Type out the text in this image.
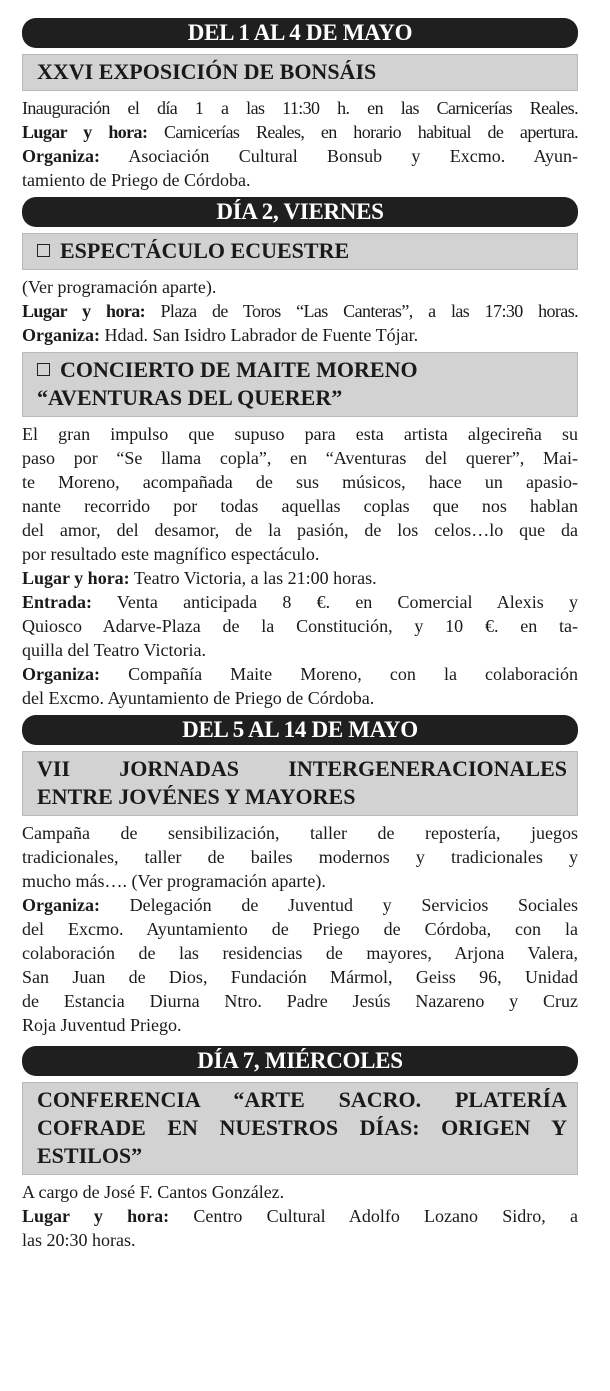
DEL 1 AL 4 DE MAYO
XXVI EXPOSICIÓN DE BONSÁIS
Inauguración el día 1 a las 11:30 h. en las Carnicerías Reales.
Lugar y hora: Carnicerías Reales, en horario habitual de apertura.
Organiza: Asociación Cultural Bonsub y Excmo. Ayun-
tamiento de Priego de Córdoba.
DÍA 2, VIERNES
ESPECTÁCULO ECUESTRE
(Ver programación aparte).
Lugar y hora: Plaza de Toros “Las Canteras”, a las 17:30 horas.
Organiza: Hdad. San Isidro Labrador de Fuente Tójar.
CONCIERTO DE MAITE MORENO
“AVENTURAS DEL QUERER”
El gran impulso que supuso para esta artista algecireña su
paso por “Se llama copla”, en “Aventuras del querer”, Mai-
te Moreno, acompañada de sus músicos, hace un apasio-
nante recorrido por todas aquellas coplas que nos hablan
del amor, del desamor, de la pasión, de los celos…lo que da
por resultado este magnífico espectáculo.
Lugar y hora: Teatro Victoria, a las 21:00 horas.
Entrada: Venta anticipada 8 €. en Comercial Alexis y
Quiosco Adarve-Plaza de la Constitución, y 10 €. en ta-
quilla del Teatro Victoria.
Organiza: Compañía Maite Moreno, con la colaboración
del Excmo. Ayuntamiento de Priego de Córdoba.
DEL 5 AL 14 DE MAYO
VII JORNADAS INTERGENERACIONALES
ENTRE JOVÉNES Y MAYORES
Campaña de sensibilización, taller de repostería, juegos
tradicionales, taller de bailes modernos y tradicionales y
mucho más…. (Ver programación aparte).
Organiza: Delegación de Juventud y Servicios Sociales
del Excmo. Ayuntamiento de Priego de Córdoba, con la
colaboración de las residencias de mayores, Arjona Valera,
San Juan de Dios, Fundación Mármol, Geiss 96, Unidad
de Estancia Diurna Ntro. Padre Jesús Nazareno y Cruz
Roja Juventud Priego.
DÍA 7, MIÉRCOLES
CONFERENCIA “ARTE SACRO. PLATERÍA
COFRADE EN NUESTROS DÍAS: ORIGEN Y
ESTILOS”
A cargo de José F. Cantos González.
Lugar y hora: Centro Cultural Adolfo Lozano Sidro, a
las 20:30 horas.
